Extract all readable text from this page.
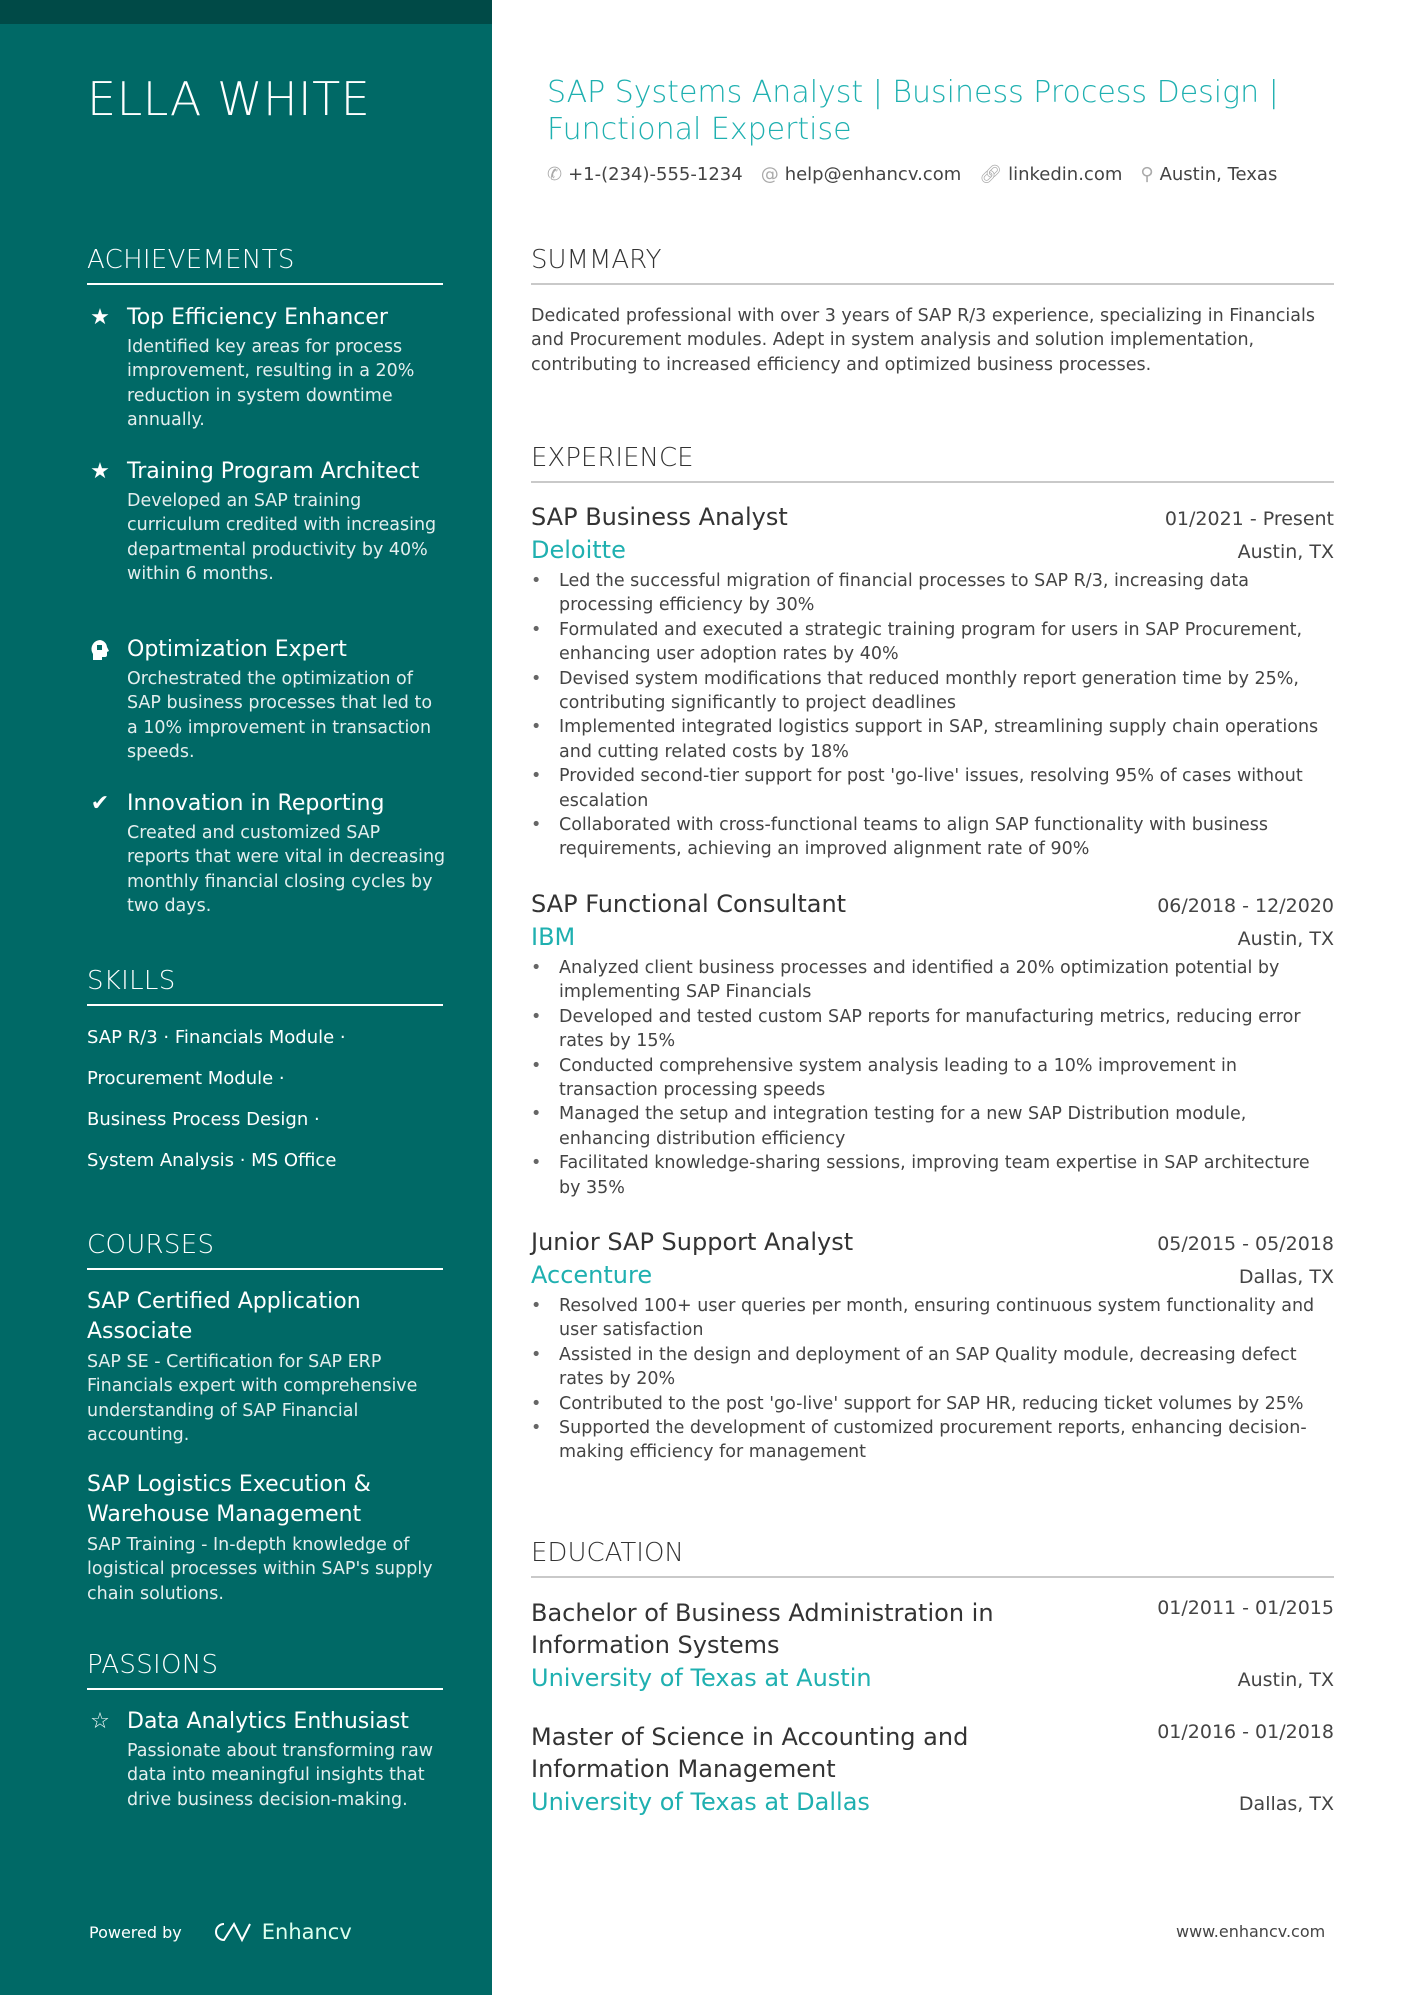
ELLA WHITE
ACHIEVEMENTS
★ Top Efficiency Enhancer
Identified key areas for process improvement, resulting in a 20% reduction in system downtime annually.
★ Training Program Architect
Developed an SAP training curriculum credited with increasing departmental productivity by 40% within 6 months.
Optimization Expert
Orchestrated the optimization of SAP business processes that led to a 10% improvement in transaction speeds.
✔ Innovation in Reporting
Created and customized SAP reports that were vital in decreasing monthly financial closing cycles by two days.
SKILLS
SAP R/3 · Financials Module ·
Procurement Module ·
Business Process Design ·
System Analysis · MS Office
COURSES
SAP Certified Application Associate
SAP SE - Certification for SAP ERP Financials expert with comprehensive understanding of SAP Financial accounting.
SAP Logistics Execution & Warehouse Management
SAP Training - In-depth knowledge of logistical processes within SAP's supply chain solutions.
PASSIONS
☆ Data Analytics Enthusiast
Passionate about transforming raw data into meaningful insights that drive business decision-making.
Powered by	Enhancv
SAP Systems Analyst | Business Process Design | Functional Expertise
✆ +1-(234)-555-1234 @ help@enhancv.com 🔗︎ linkedin.com ⚲ Austin, Texas
SUMMARY
Dedicated professional with over 3 years of SAP R/3 experience, specializing in Financials and Procurement modules. Adept in system analysis and solution implementation, contributing to increased efficiency and optimized business processes.
EXPERIENCE
SAP Business Analyst	01/2021 - Present
Deloitte	Austin, TX
• Led the successful migration of financial processes to SAP R/3, increasing data processing efficiency by 30%
• Formulated and executed a strategic training program for users in SAP Procurement, enhancing user adoption rates by 40%
• Devised system modifications that reduced monthly report generation time by 25%, contributing significantly to project deadlines
• Implemented integrated logistics support in SAP, streamlining supply chain operations and cutting related costs by 18%
• Provided second-tier support for post 'go-live' issues, resolving 95% of cases without escalation
• Collaborated with cross-functional teams to align SAP functionality with business requirements, achieving an improved alignment rate of 90%
SAP Functional Consultant	06/2018 - 12/2020
IBM	Austin, TX
• Analyzed client business processes and identified a 20% optimization potential by implementing SAP Financials
• Developed and tested custom SAP reports for manufacturing metrics, reducing error rates by 15%
• Conducted comprehensive system analysis leading to a 10% improvement in transaction processing speeds
• Managed the setup and integration testing for a new SAP Distribution module, enhancing distribution efficiency
• Facilitated knowledge-sharing sessions, improving team expertise in SAP architecture by 35%
Junior SAP Support Analyst	05/2015 - 05/2018
Accenture	Dallas, TX
• Resolved 100+ user queries per month, ensuring continuous system functionality and user satisfaction
• Assisted in the design and deployment of an SAP Quality module, decreasing defect rates by 20%
• Contributed to the post 'go-live' support for SAP HR, reducing ticket volumes by 25%
• Supported the development of customized procurement reports, enhancing decision-making efficiency for management
EDUCATION
Bachelor of Business Administration in Information Systems
01/2011 - 01/2015
University of Texas at Austin	Austin, TX
Master of Science in Accounting and Information Management
01/2016 - 01/2018
University of Texas at Dallas	Dallas, TX
www.enhancv.com
